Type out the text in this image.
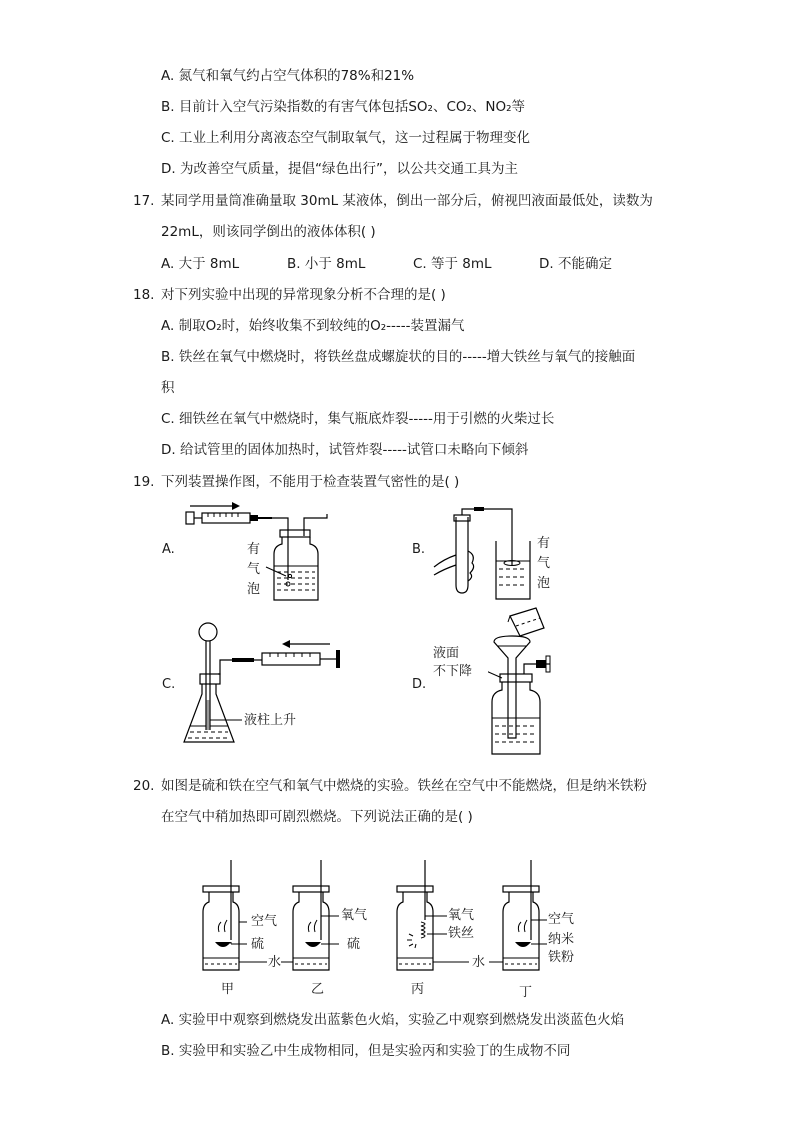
A. 氮气和氧气约占空气体积的78%和21%
B. 目前计入空气污染指数的有害气体包括SO₂、CO₂、NO₂等
C. 工业上利用分离液态空气制取氧气，这一过程属于物理变化
D. 为改善空气质量，提倡“绿色出行”，以公共交通工具为主
17. 某同学用量筒准确量取 30mL 某液体，倒出一部分后，俯视凹液面最低处，读数为
22mL，则该同学倒出的液体体积( )
A. 大于 8mL	B. 小于 8mL	C. 等于 8mL	D. 不能确定
18. 对下列实验中出现的异常现象分析不合理的是( )
A. 制取O₂时，始终收集不到较纯的O₂-----装置漏气
B. 铁丝在氧气中燃烧时，将铁丝盘成螺旋状的目的-----增大铁丝与氧气的接触面
积
C. 细铁丝在氧气中燃烧时，集气瓶底炸裂-----用于引燃的火柴过长
D. 给试管里的固体加热时，试管炸裂-----试管口未略向下倾斜
19. 下列装置操作图，不能用于检查装置气密性的是( )
A.	有
气
泡
B.	有
气
泡
C.
液柱上升
D.
液面
不下降
20. 如图是硫和铁在空气和氧气中燃烧的实验。铁丝在空气中不能燃烧，但是纳米铁粉
在空气中稍加热即可剧烈燃烧。下列说法正确的是( )
空气
硫
水
甲
氧气
硫
乙
氧气
铁丝
水
丙
空气
纳米
铁粉
丁
A. 实验甲中观察到燃烧发出蓝紫色火焰，实验乙中观察到燃烧发出淡蓝色火焰
B. 实验甲和实验乙中生成物相同，但是实验丙和实验丁的生成物不同
